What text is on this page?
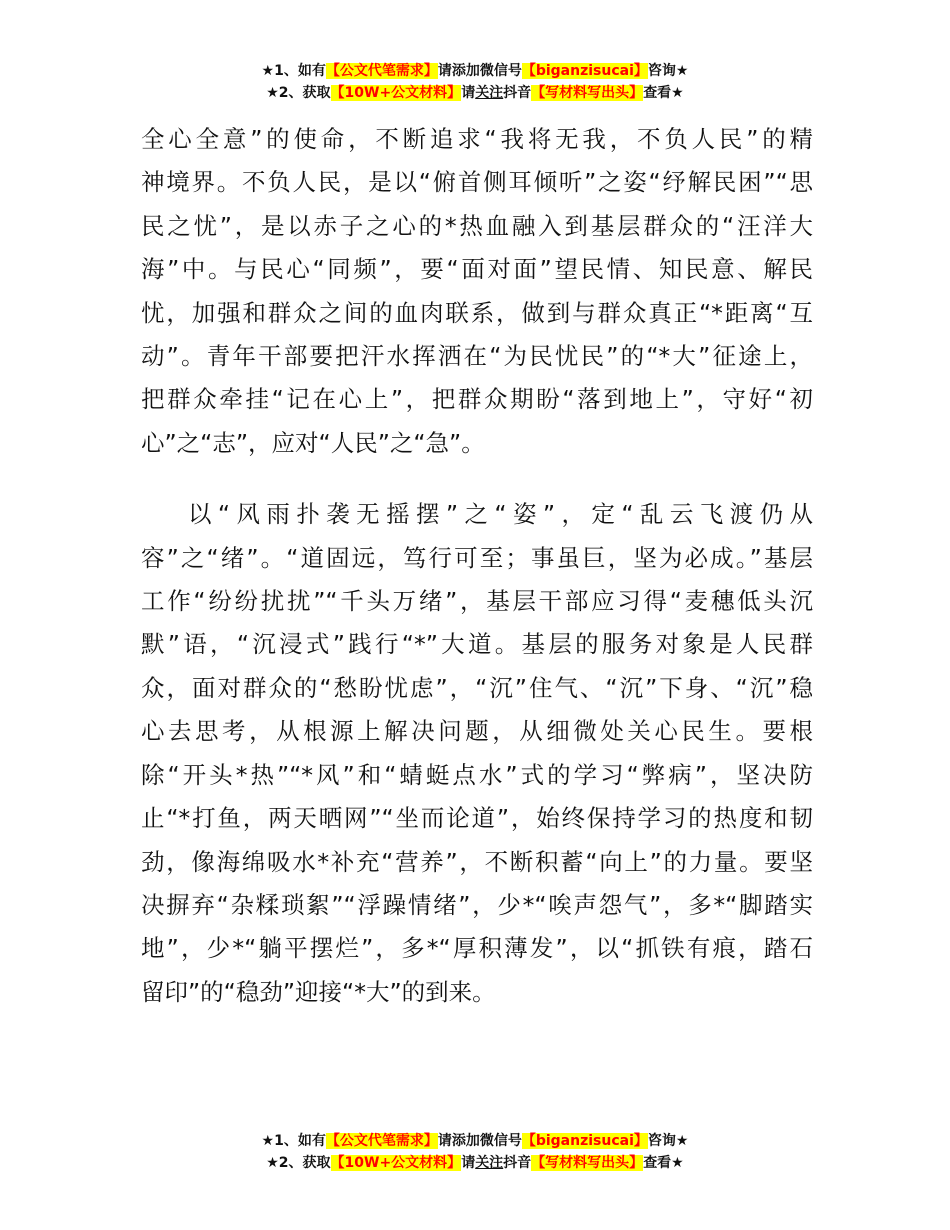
★1、如有【公文代笔需求】请添加微信号【biganzisucai】咨询★
★2、获取【10W+公文材料】请关注抖音【写材料写出头】查看★
全心全意”的使命，不断追求“我将无我，不负人民”的精
神境界。不负人民，是以“俯首侧耳倾听”之姿“纾解民困”“思
民之忧”，是以赤子之心的*热血融入到基层群众的“汪洋大
海”中。与民心“同频”，要“面对面”望民情、知民意、解民
忧，加强和群众之间的血肉联系，做到与群众真正“*距离“互
动”。青年干部要把汗水挥洒在“为民忧民”的“*大”征途上，
把群众牵挂“记在心上”，把群众期盼“落到地上”，守好“初
心”之“志”，应对“人民”之“急”。
以“风雨扑袭无摇摆”之“姿”，定“乱云飞渡仍从
容”之“绪”。“道固远，笃行可至；事虽巨，坚为必成。”基层
工作“纷纷扰扰”“千头万绪”，基层干部应习得“麦穗低头沉
默”语，“沉浸式”践行“*”大道。基层的服务对象是人民群
众，面对群众的“愁盼忧虑”，“沉”住气、“沉”下身、“沉”稳
心去思考，从根源上解决问题，从细微处关心民生。要根
除“开头*热”“*风”和“蜻蜓点水”式的学习“弊病”，坚决防
止“*打鱼，两天晒网”“坐而论道”，始终保持学习的热度和韧
劲，像海绵吸水*补充“营养”，不断积蓄“向上”的力量。要坚
决摒弃“杂糅琐絮”“浮躁情绪”，少*“唉声怨气”，多*“脚踏实
地”，少*“躺平摆烂”，多*“厚积薄发”，以“抓铁有痕，踏石
留印”的“稳劲”迎接“*大”的到来。
★1、如有【公文代笔需求】请添加微信号【biganzisucai】咨询★
★2、获取【10W+公文材料】请关注抖音【写材料写出头】查看★
